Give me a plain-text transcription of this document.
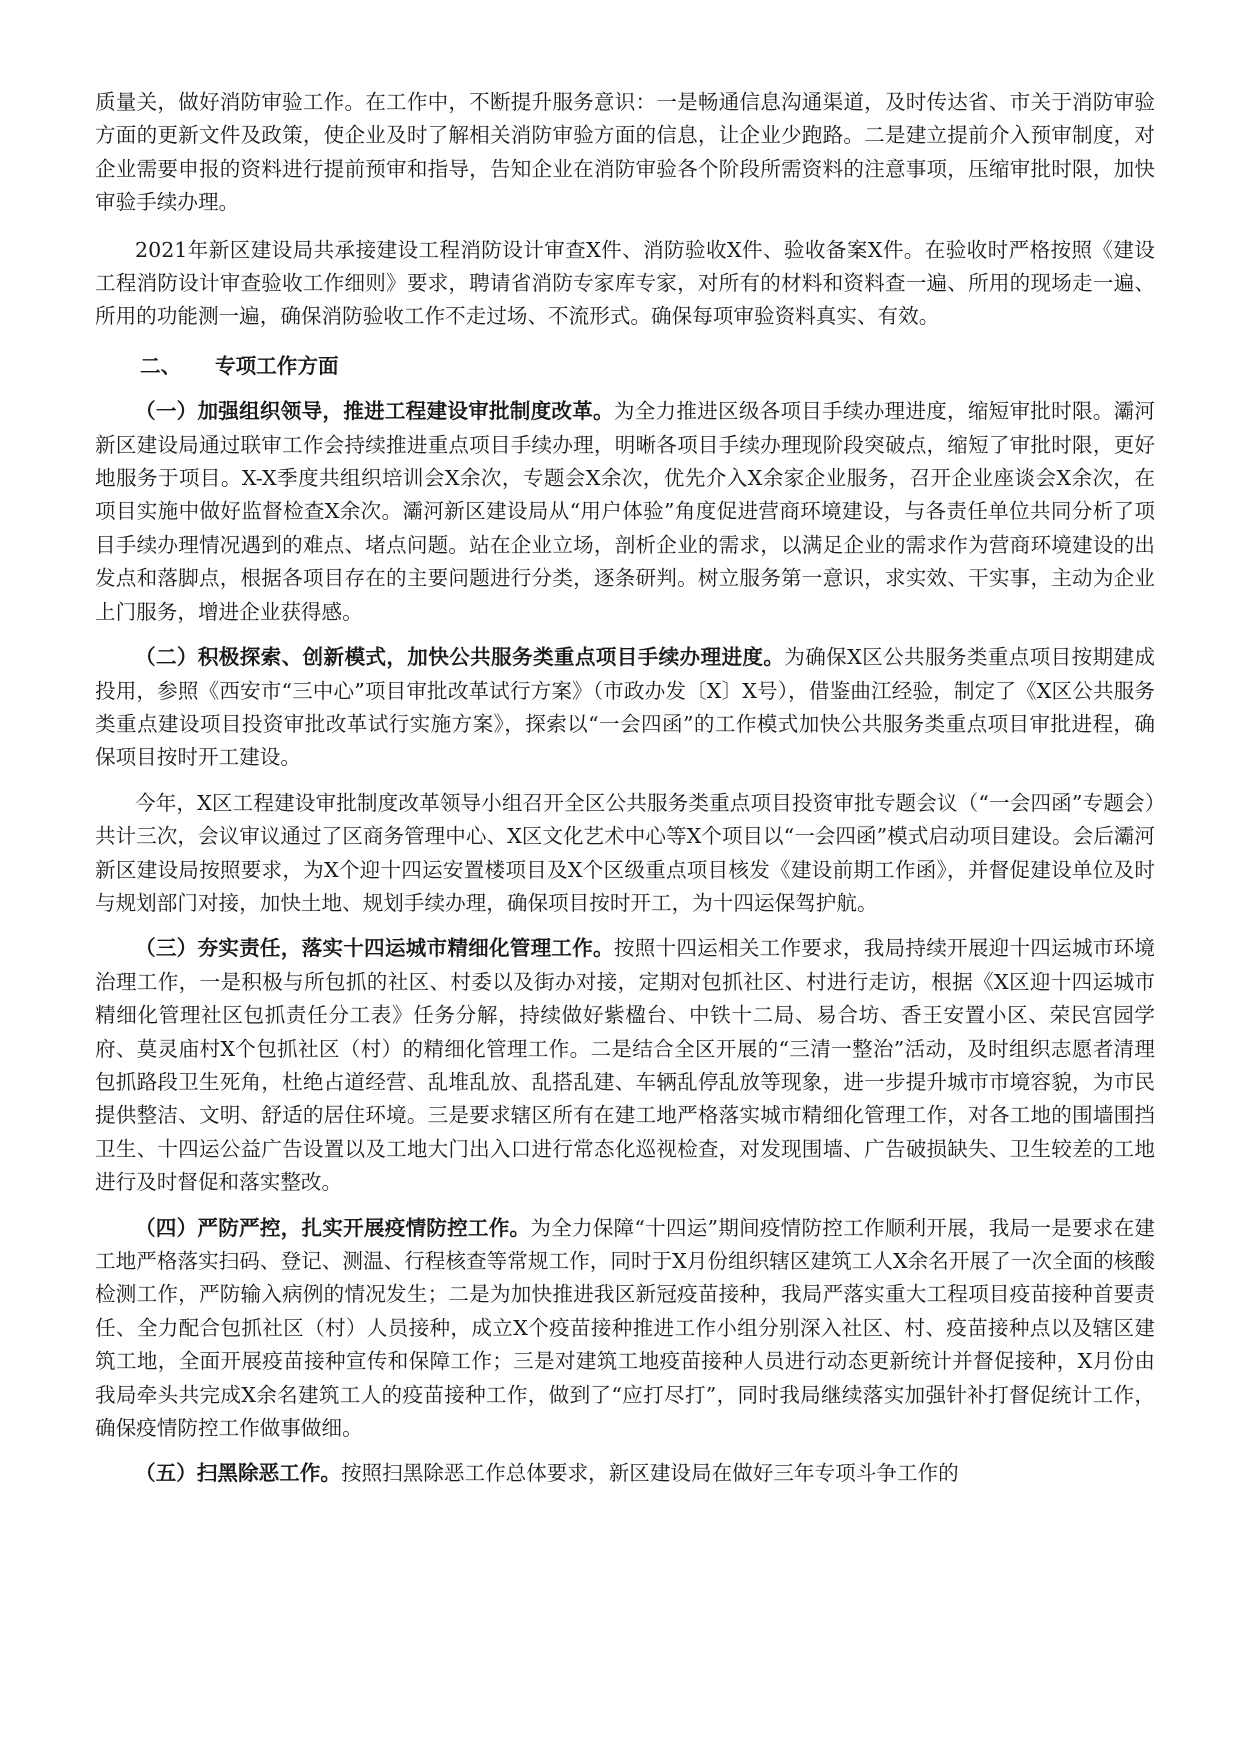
质量关，做好消防审验工作。在工作中，不断提升服务意识：一是畅通信息沟通渠道，及时传达省、市关于消防审验方面的更新文件及政策，使企业及时了解相关消防审验方面的信息，让企业少跑路。二是建立提前介入预审制度，对企业需要申报的资料进行提前预审和指导，告知企业在消防审验各个阶段所需资料的注意事项，压缩审批时限，加快审验手续办理。

2021年新区建设局共承接建设工程消防设计审查X件、消防验收X件、验收备案X件。在验收时严格按照《建设工程消防设计审查验收工作细则》要求，聘请省消防专家库专家，对所有的材料和资料查一遍、所用的现场走一遍、所用的功能测一遍，确保消防验收工作不走过场、不流形式。确保每项审验资料真实、有效。

二、 专项工作方面

（一）加强组织领导，推进工程建设审批制度改革。为全力推进区级各项目手续办理进度，缩短审批时限。灞河新区建设局通过联审工作会持续推进重点项目手续办理，明晰各项目手续办理现阶段突破点，缩短了审批时限，更好地服务于项目。X-X季度共组织培训会X余次，专题会X余次，优先介入X余家企业服务，召开企业座谈会X余次，在项目实施中做好监督检查X余次。灞河新区建设局从“用户体验”角度促进营商环境建设，与各责任单位共同分析了项目手续办理情况遇到的难点、堵点问题。站在企业立场，剖析企业的需求，以满足企业的需求作为营商环境建设的出发点和落脚点，根据各项目存在的主要问题进行分类，逐条研判。树立服务第一意识，求实效、干实事，主动为企业上门服务，增进企业获得感。

（二）积极探索、创新模式，加快公共服务类重点项目手续办理进度。为确保X区公共服务类重点项目按期建成投用，参照《西安市“三中心”项目审批改革试行方案》（市政办发〔X〕X号），借鉴曲江经验，制定了《X区公共服务类重点建设项目投资审批改革试行实施方案》，探索以“一会四函”的工作模式加快公共服务类重点项目审批进程，确保项目按时开工建设。

今年，X区工程建设审批制度改革领导小组召开全区公共服务类重点项目投资审批专题会议（“一会四函”专题会）共计三次，会议审议通过了区商务管理中心、X区文化艺术中心等X个项目以“一会四函”模式启动项目建设。会后灞河新区建设局按照要求，为X个迎十四运安置楼项目及X个区级重点项目核发《建设前期工作函》，并督促建设单位及时与规划部门对接，加快土地、规划手续办理，确保项目按时开工，为十四运保驾护航。

（三）夯实责任，落实十四运城市精细化管理工作。按照十四运相关工作要求，我局持续开展迎十四运城市环境治理工作，一是积极与所包抓的社区、村委以及街办对接，定期对包抓社区、村进行走访，根据《X区迎十四运城市精细化管理社区包抓责任分工表》任务分解，持续做好紫楹台、中铁十二局、易合坊、香王安置小区、荣民宫园学府、莫灵庙村X个包抓社区（村）的精细化管理工作。二是结合全区开展的“三清一整治”活动，及时组织志愿者清理包抓路段卫生死角，杜绝占道经营、乱堆乱放、乱搭乱建、车辆乱停乱放等现象，进一步提升城市市境容貌，为市民提供整洁、文明、舒适的居住环境。三是要求辖区所有在建工地严格落实城市精细化管理工作，对各工地的围墙围挡卫生、十四运公益广告设置以及工地大门出入口进行常态化巡视检查，对发现围墙、广告破损缺失、卫生较差的工地进行及时督促和落实整改。

（四）严防严控，扎实开展疫情防控工作。为全力保障“十四运”期间疫情防控工作顺利开展，我局一是要求在建工地严格落实扫码、登记、测温、行程核查等常规工作，同时于X月份组织辖区建筑工人X余名开展了一次全面的核酸检测工作，严防输入病例的情况发生；二是为加快推进我区新冠疫苗接种，我局严落实重大工程项目疫苗接种首要责任、全力配合包抓社区（村）人员接种，成立X个疫苗接种推进工作小组分别深入社区、村、疫苗接种点以及辖区建筑工地，全面开展疫苗接种宣传和保障工作；三是对建筑工地疫苗接种人员进行动态更新统计并督促接种，X月份由我局牵头共完成X余名建筑工人的疫苗接种工作，做到了“应打尽打”，同时我局继续落实加强针补打督促统计工作，确保疫情防控工作做事做细。

（五）扫黑除恶工作。按照扫黑除恶工作总体要求，新区建设局在做好三年专项斗争工作的
